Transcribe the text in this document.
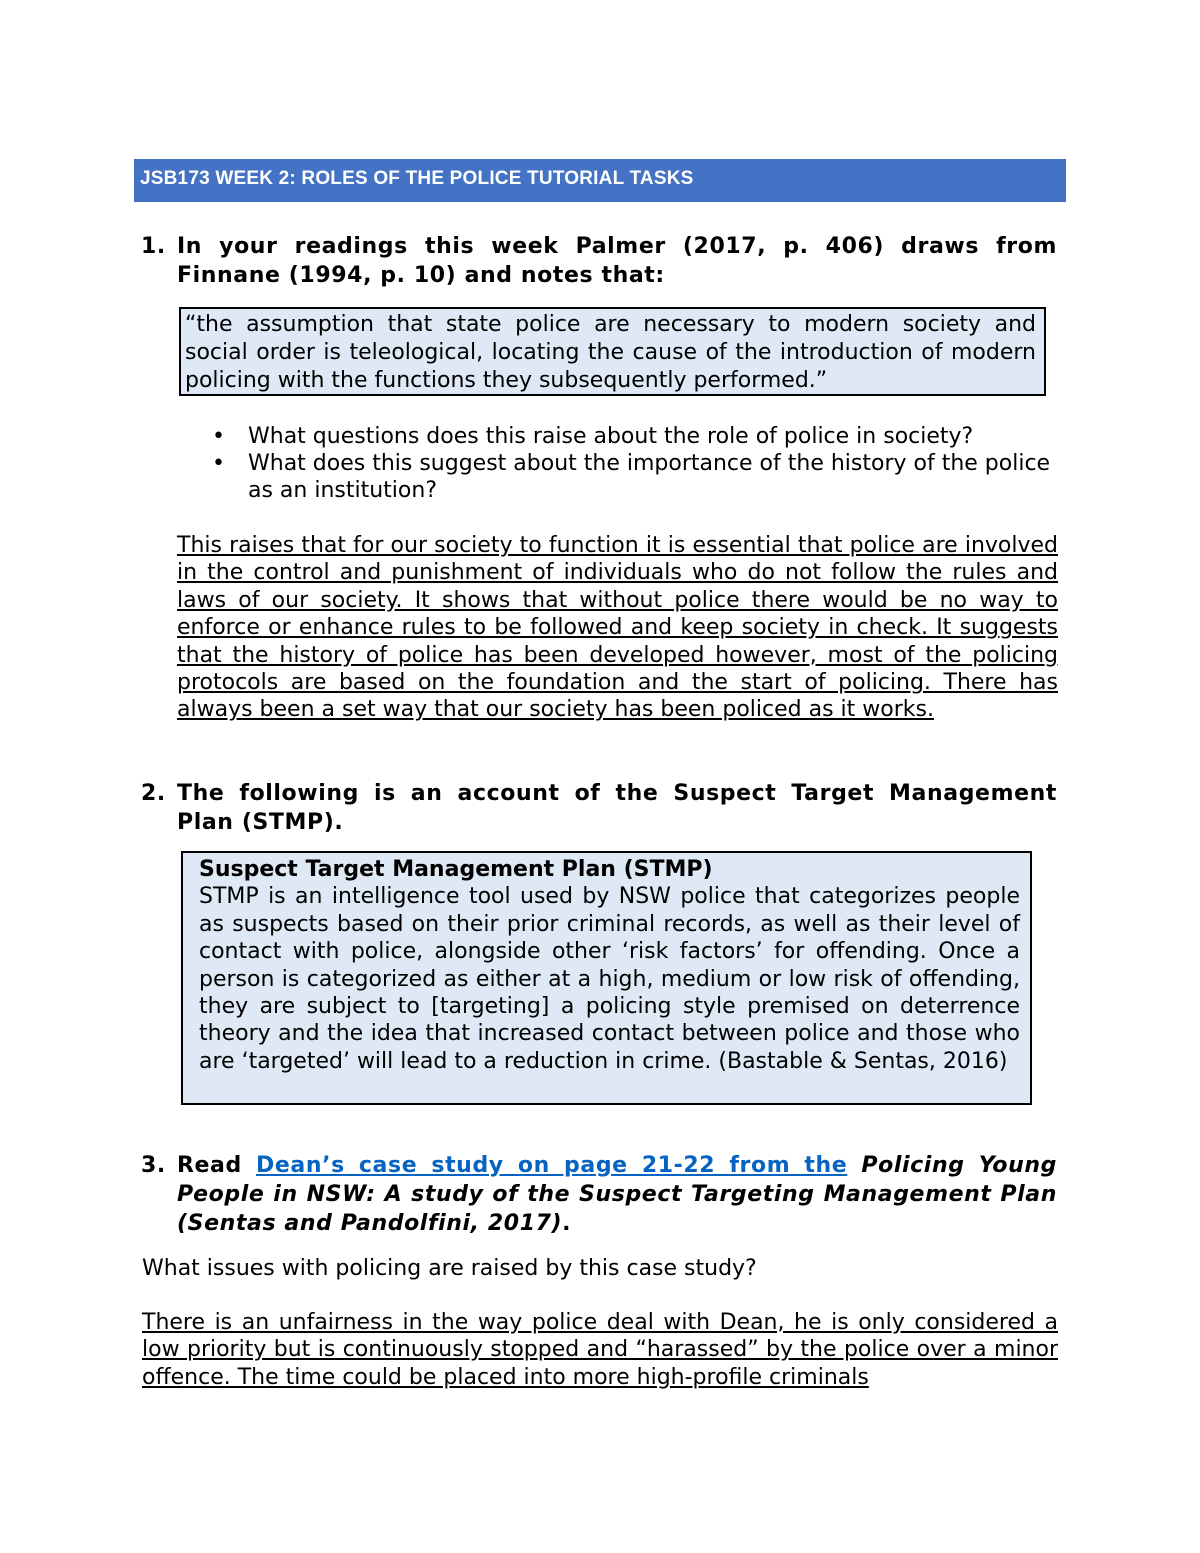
JSB173 WEEK 2: ROLES OF THE POLICE TUTORIAL TASKS
1. In your readings this week Palmer (2017, p. 406) draws from Finnane (1994, p. 10) and notes that:
“the assumption that state police are necessary to modern society and social order is teleological, locating the cause of the introduction of modern policing with the functions they subsequently performed.”
• What questions does this raise about the role of police in society?
• What does this suggest about the importance of the history of the police as an institution?
This raises that for our society to function it is essential that police are involved in the control and punishment of individuals who do not follow the rules and laws of our society. It shows that without police there would be no way to enforce or enhance rules to be followed and keep society in check. It suggests that the history of police has been developed however, most of the policing protocols are based on the foundation and the start of policing. There has always been a set way that our society has been policed as it works.
2. The following is an account of the Suspect Target Management Plan (STMP).
Suspect Target Management Plan (STMP)
STMP is an intelligence tool used by NSW police that categorizes people as suspects based on their prior criminal records, as well as their level of contact with police, alongside other ‘risk factors’ for offending. Once a person is categorized as either at a high, medium or low risk of offending, they are subject to [targeting] a policing style premised on deterrence theory and the idea that increased contact between police and those who are ‘targeted’ will lead to a reduction in crime. (Bastable & Sentas, 2016)
3. Read Dean’s case study on page 21-22 from the Policing Young People in NSW: A study of the Suspect Targeting Management Plan (Sentas and Pandolfini, 2017).
What issues with policing are raised by this case study?
There is an unfairness in the way police deal with Dean, he is only considered a low priority but is continuously stopped and “harassed” by the police over a minor offence. The time could be placed into more high-profile criminals
